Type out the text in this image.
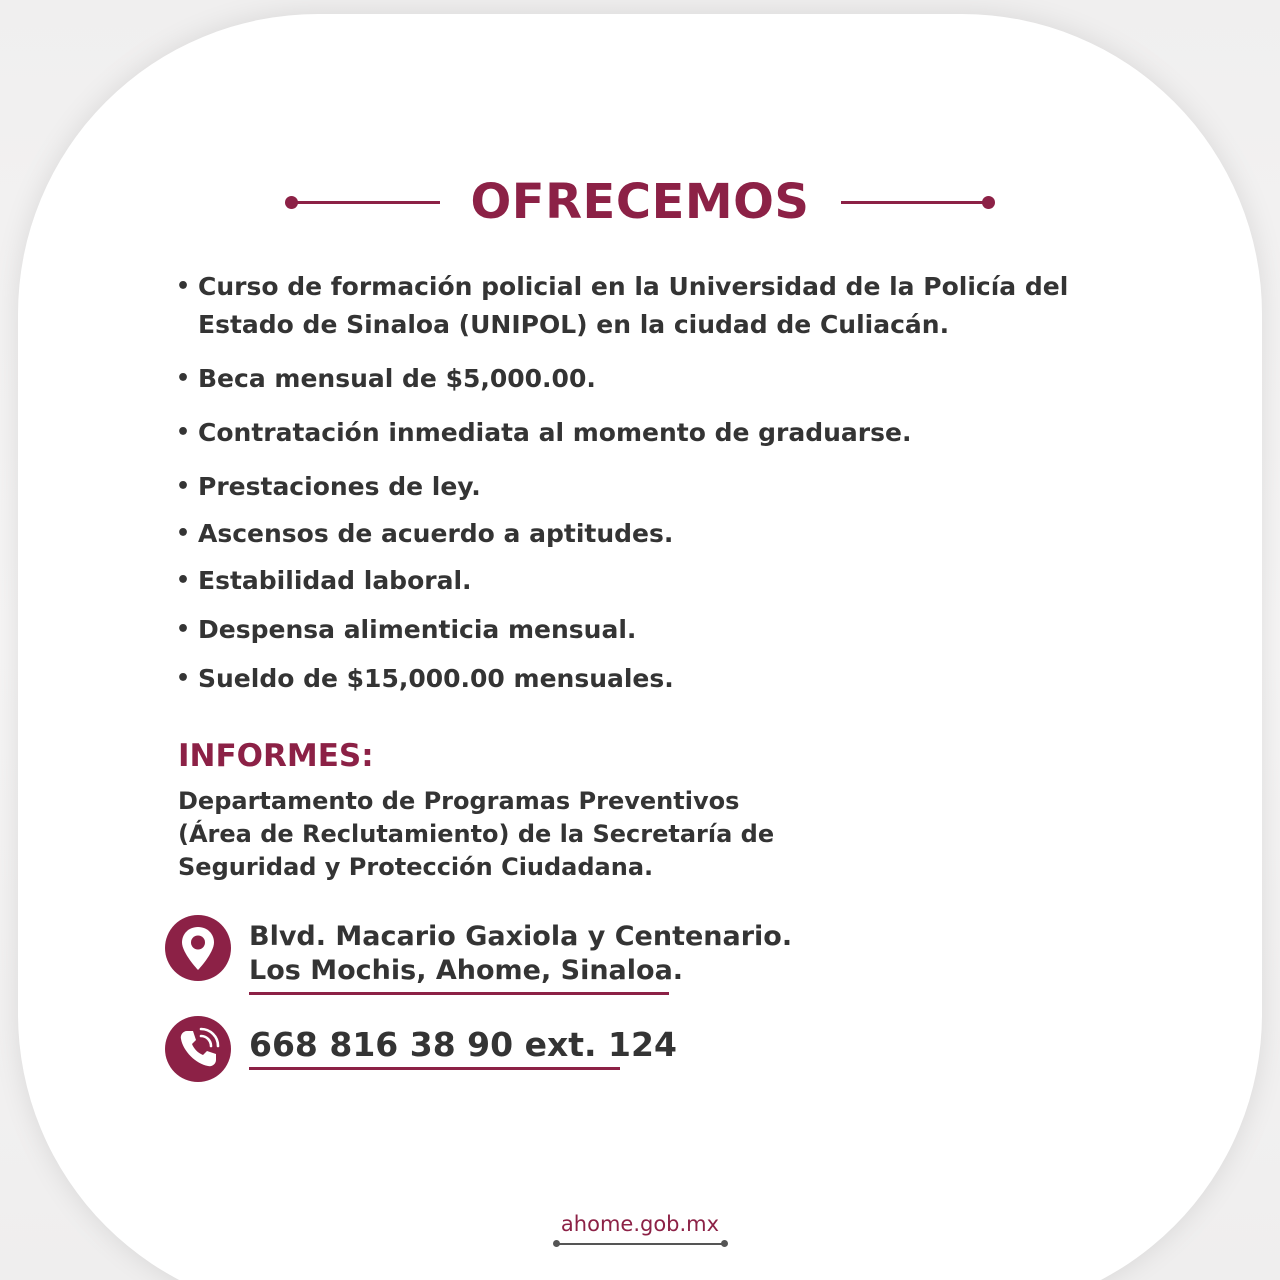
OFRECEMOS
• Curso de formación policial en la Universidad de la Policía del
Estado de Sinaloa (UNIPOL) en la ciudad de Culiacán.
• Beca mensual de $5,000.00.
• Contratación inmediata al momento de graduarse.
• Prestaciones de ley.
• Ascensos de acuerdo a aptitudes.
• Estabilidad laboral.
• Despensa alimenticia mensual.
• Sueldo de $15,000.00 mensuales.
INFORMES:
Departamento de Programas Preventivos
(Área de Reclutamiento) de la Secretaría de
Seguridad y Protección Ciudadana.
Blvd. Macario Gaxiola y Centenario.
Los Mochis, Ahome, Sinaloa.
668 816 38 90 ext. 124
ahome.gob.mx
